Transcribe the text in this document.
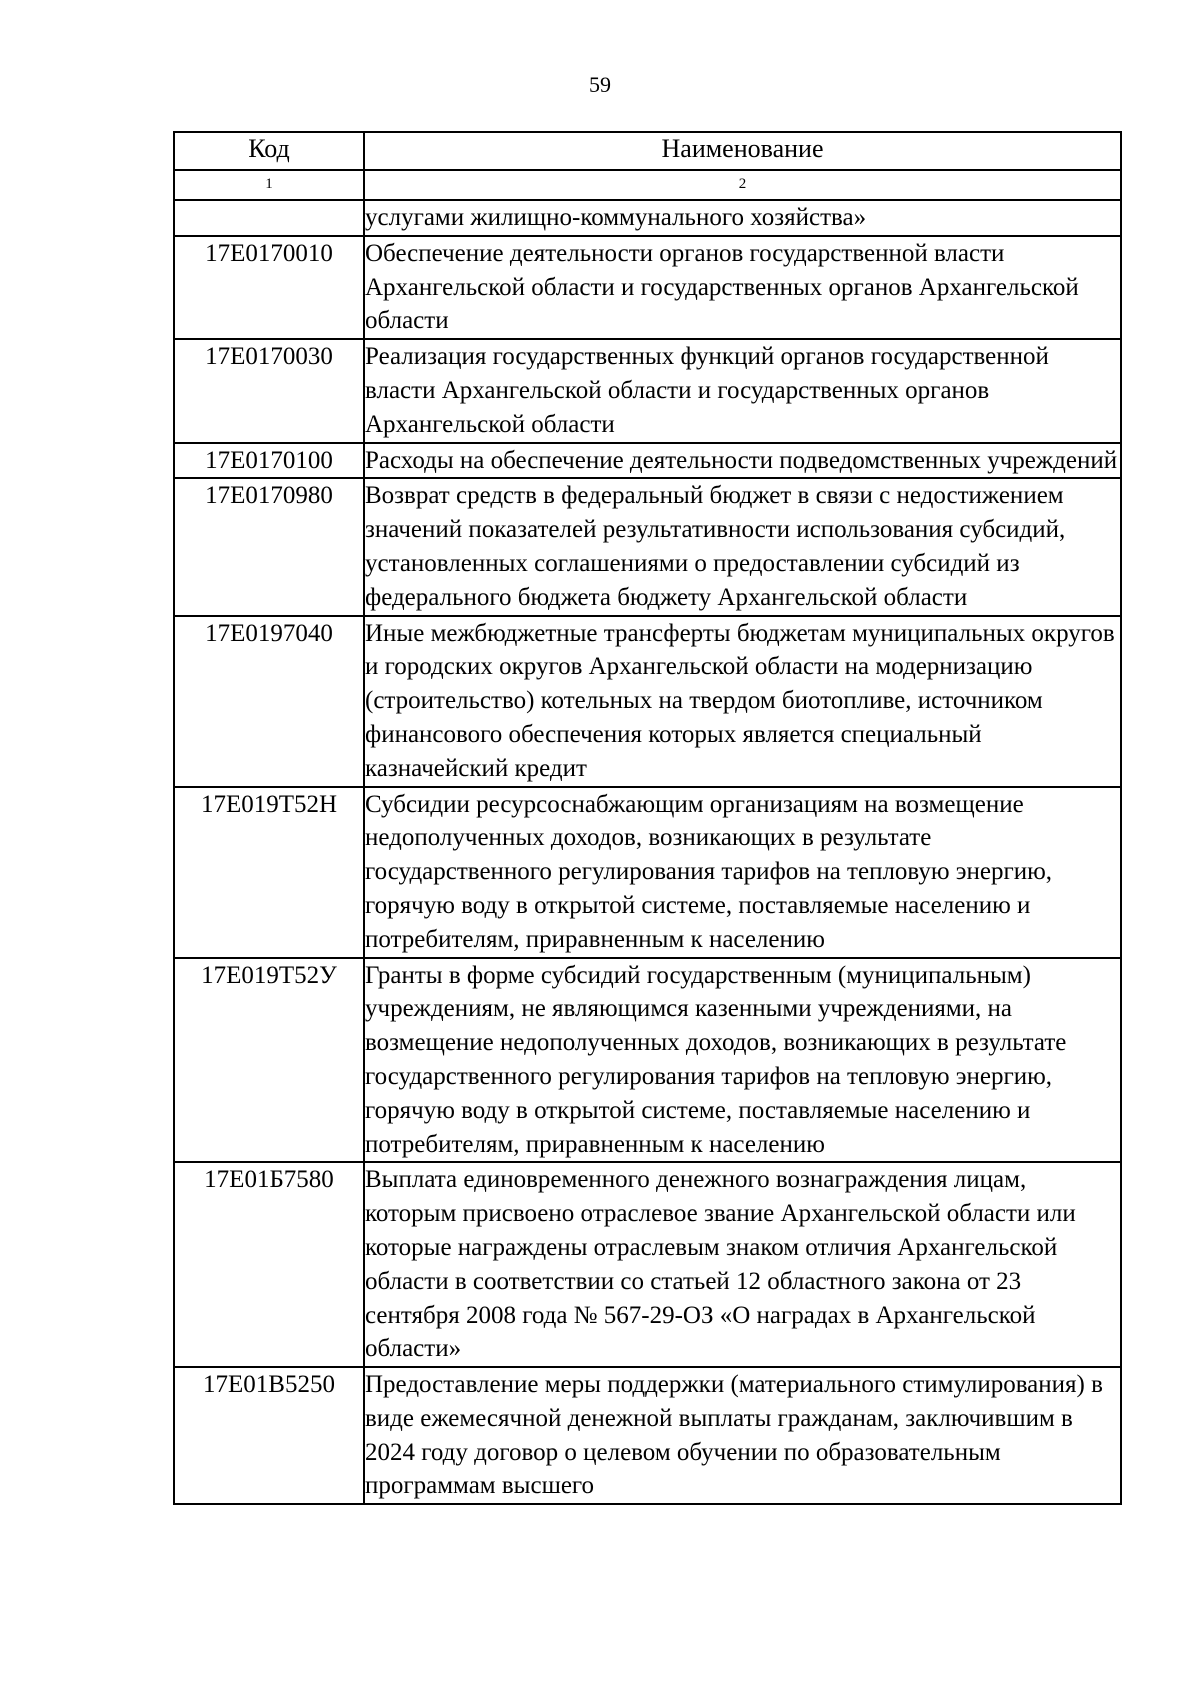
59
Код	Наименование
1	2
	услугами жилищно-коммунального хозяйства»
17Е0170010	Обеспечение деятельности органов государственной власти Архангельской области и государственных органов Архангельской области
17Е0170030	Реализация государственных функций органов государственной власти Архангельской области и государственных органов Архангельской области
17Е0170100	Расходы на обеспечение деятельности подведомственных учреждений
17Е0170980	Возврат средств в федеральный бюджет в связи с недостижением значений показателей результативности использования субсидий, установленных соглашениями о предоставлении субсидий из федерального бюджета бюджету Архангельской области
17Е0197040	Иные межбюджетные трансферты бюджетам муниципальных округов и городских округов Архангельской области на модернизацию (строительство) котельных на твердом биотопливе, источником финансового обеспечения которых является специальный казначейский кредит
17Е019Т52Н	Субсидии ресурсоснабжающим организациям на возмещение недополученных доходов, возникающих в результате государственного регулирования тарифов на тепловую энергию, горячую воду в открытой системе, поставляемые населению и потребителям, приравненным к населению
17Е019Т52У	Гранты в форме субсидий государственным (муниципальным) учреждениям, не являющимся казенными учреждениями, на возмещение недополученных доходов, возникающих в результате государственного регулирования тарифов на тепловую энергию, горячую воду в открытой системе, поставляемые населению и потребителям, приравненным к населению
17Е01Б7580	Выплата единовременного денежного вознаграждения лицам, которым присвоено отраслевое звание Архангельской области или которые награждены отраслевым знаком отличия Архангельской области в соответствии со статьей 12 областного закона от 23 сентября 2008 года № 567-29-ОЗ «О наградах в Архангельской области»
17Е01В5250	Предоставление меры поддержки (материального стимулирования) в виде ежемесячной денежной выплаты гражданам, заключившим в 2024 году договор о целевом обучении по образовательным программам высшего
